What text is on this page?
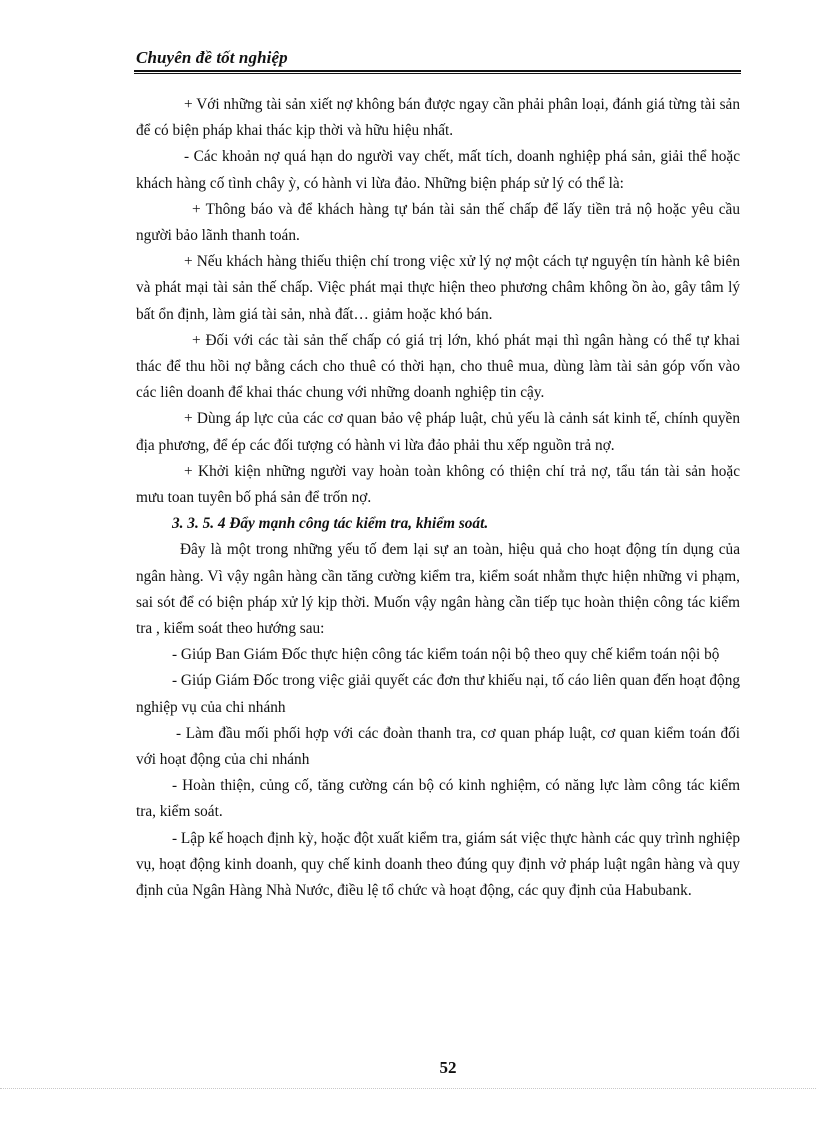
Chuyên đề tốt nghiệp

+ Với những tài sản xiết nợ không bán được ngay cần phải phân loại, đánh giá từng tài sản để có biện pháp khai thác kịp thời và hữu hiệu nhất.

- Các khoản nợ quá hạn do người vay chết, mất tích, doanh nghiệp phá sản, giải thể hoặc khách hàng cố tình chây ỳ, có hành vi lừa đảo. Những biện pháp sử lý có thể là:

+ Thông báo và để khách hàng tự bán tài sản thế chấp để lấy tiền trả nộ hoặc yêu cầu người bảo lãnh thanh toán.

+ Nếu khách hàng thiếu thiện chí trong việc xử lý nợ một cách tự nguyện tín hành kê biên và phát mại tài sản thế chấp. Việc phát mại thực hiện theo phương châm không ồn ào, gây tâm lý bất ổn định, làm giá tài sản, nhà đất… giảm hoặc khó bán.

+ Đối với các tài sản thế chấp có giá trị lớn, khó phát mại thì ngân hàng có thể tự khai thác để thu hồi nợ bằng cách cho thuê có thời hạn, cho thuê mua, dùng làm tài sản góp vốn vào các liên doanh để khai thác chung với những doanh nghiệp tin cậy.

+ Dùng áp lực của các cơ quan bảo vệ pháp luật, chủ yếu là cảnh sát kinh tế, chính quyền địa phương, để ép các đối tượng có hành vi lừa đảo phải thu xếp nguồn trả nợ.

+ Khởi kiện những người vay hoàn toàn không có thiện chí trả nợ, tẩu tán tài sản hoặc mưu toan tuyên bố phá sản để trốn nợ.

3. 3. 5. 4 Đẩy mạnh công tác kiểm tra, khiểm soát.

Đây là một trong những yếu tố đem lại sự an toàn, hiệu quả cho hoạt động tín dụng của ngân hàng. Vì vậy ngân hàng cần tăng cường kiểm tra, kiểm soát nhằm thực hiện những vi phạm, sai sót để có biện pháp xử lý kịp thời. Muốn vậy ngân hàng cần tiếp tục hoàn thiện công tác kiểm tra , kiểm soát theo hướng sau:

- Giúp Ban Giám Đốc thực hiện công tác kiểm toán nội bộ theo quy chế kiểm toán nội bộ

- Giúp Giám Đốc trong việc giải quyết các đơn thư khiếu nại, tố cáo liên quan đến hoạt động nghiệp vụ của chi nhánh

- Làm đầu mối phối hợp với các đoàn thanh tra, cơ quan pháp luật, cơ quan kiểm toán đối với hoạt động của chi nhánh

- Hoàn thiện, củng cố, tăng cường cán bộ có kinh nghiệm, có năng lực làm công tác kiểm tra, kiểm soát.

- Lập kế hoạch định kỳ, hoặc đột xuất kiểm tra, giám sát việc thực hành các quy trình nghiệp vụ, hoạt động kinh doanh, quy chế kinh doanh theo đúng quy định vở pháp luật ngân hàng và quy định của Ngân Hàng Nhà Nước, điều lệ tổ chức và hoạt động, các quy định của Habubank.

52
